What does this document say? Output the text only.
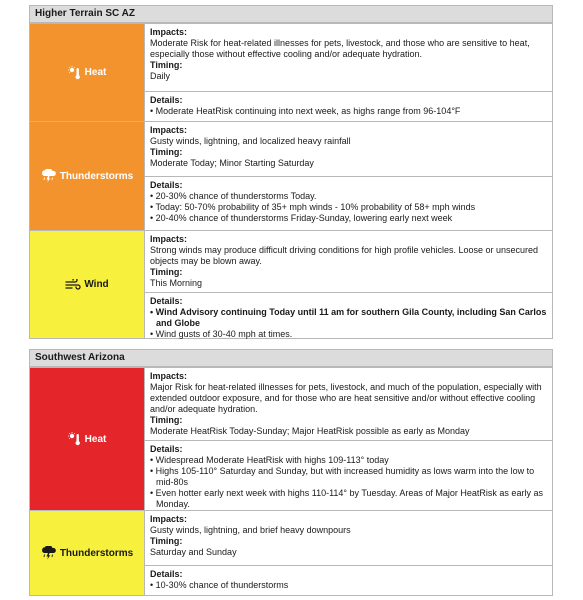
Higher Terrain SC AZ
Heat
Impacts:
Moderate Risk for heat-related illnesses for pets, livestock, and those who are sensitive to heat, especially those without effective cooling and/or adequate hydration.
Timing:
Daily
Details:
• Moderate HeatRisk continuing into next week, as highs range from 96-104°F
Thunderstorms
Impacts:
Gusty winds, lightning, and localized heavy rainfall
Timing:
Moderate Today; Minor Starting Saturday
Details:
• 20-30% chance of thunderstorms Today.
• Today: 50-70% probability of 35+ mph winds - 10% probability of 58+ mph winds
• 20-40% chance of thunderstorms Friday-Sunday, lowering early next week
Wind
Impacts:
Strong winds may produce difficult driving conditions for high profile vehicles. Loose or unsecured objects may be blown away.
Timing:
This Morning
Details:
• Wind Advisory continuing Today until 11 am for southern Gila County, including San Carlos and Globe
• Wind gusts of 30-40 mph at times.
Southwest Arizona
Heat
Impacts:
Major Risk for heat-related illnesses for pets, livestock, and much of the population, especially with extended outdoor exposure, and for those who are heat sensitive and/or without effective cooling and/or adequate hydration.
Timing:
Moderate HeatRisk Today-Sunday; Major HeatRisk possible as early as Monday
Details:
• Widespread Moderate HeatRisk with highs 109-113° today
• Highs 105-110° Saturday and Sunday, but with increased humidity as lows warm into the low to mid-80s
• Even hotter early next week with highs 110-114° by Tuesday. Areas of Major HeatRisk as early as Monday.
Thunderstorms
Impacts:
Gusty winds, lightning, and brief heavy downpours
Timing:
Saturday and Sunday
Details:
• 10-30% chance of thunderstorms
